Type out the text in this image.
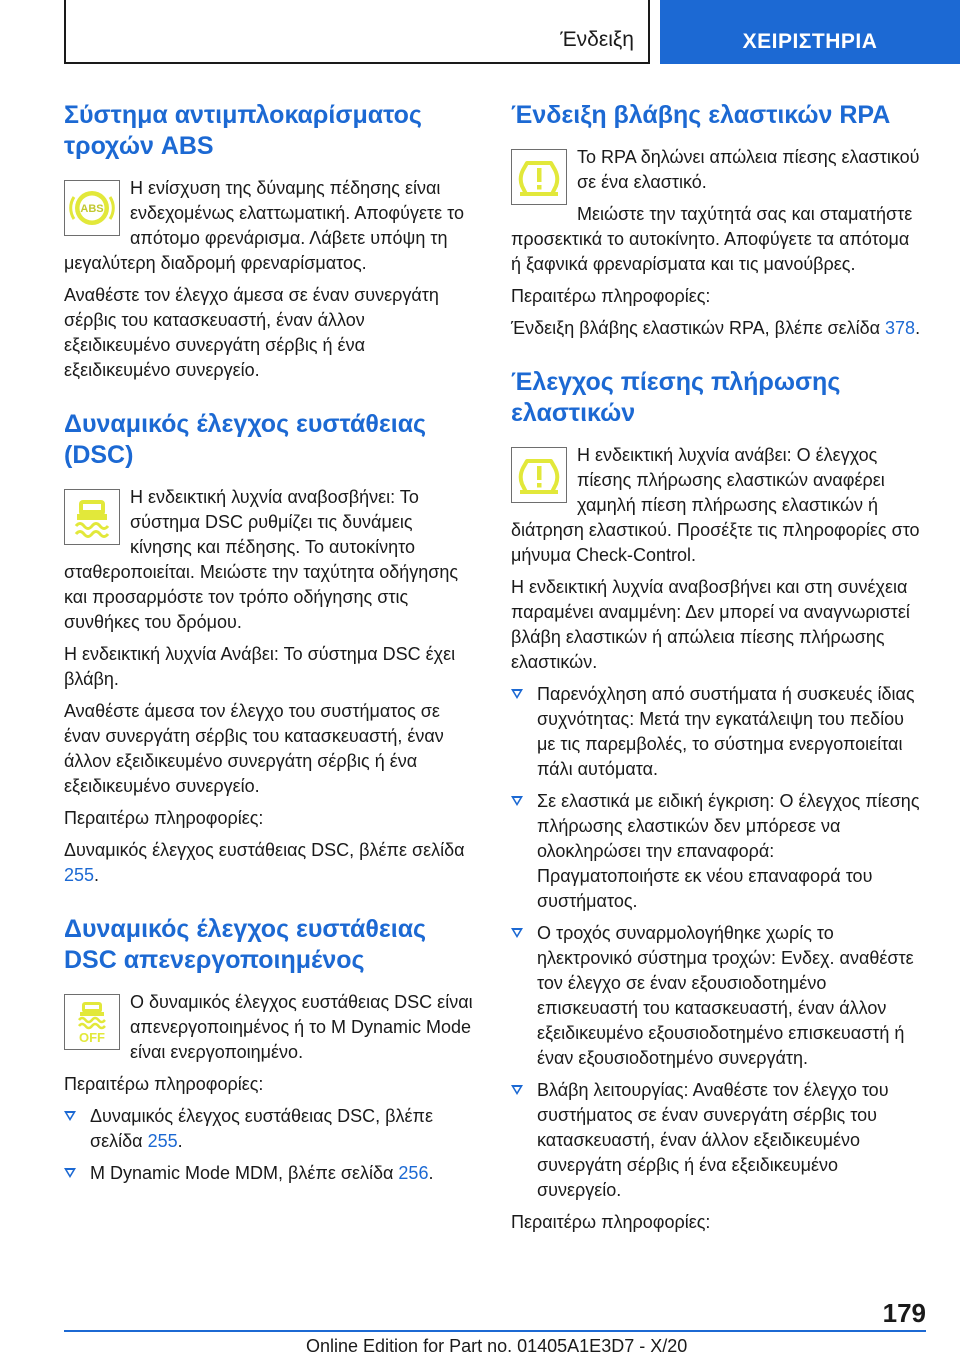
Ένδειξη	ΧΕΙΡΙΣΤΗΡΙΑ
Σύστημα αντιμπλοκαρίσματος τροχών ABS
ABS

Η ενίσχυση της δύναμης πέδησης είναι ενδεχομένως ελαττωματική. Αποφύγετε το απότομο φρενάρισμα. Λάβετε υπόψη τη μεγαλύτερη διαδρομή φρεναρίσματος.

Αναθέστε τον έλεγχο άμεσα σε έναν συνεργάτη σέρβις του κατασκευαστή, έναν άλλον εξειδικευμένο συνεργάτη σέρβις ή ένα εξειδικευμένο συνεργείο.

Δυναμικός έλεγχος ευστάθειας (DSC)

Η ενδεικτική λυχνία αναβοσβήνει: Το σύστημα DSC ρυθμίζει τις δυνάμεις κίνησης και πέδησης. Το αυτοκίνητο σταθεροποιείται. Μειώστε την ταχύτητα οδήγησης και προσαρμόστε τον τρόπο οδήγησης στις συνθήκες του δρόμου.

Η ενδεικτική λυχνία Ανάβει: Το σύστημα DSC έχει βλάβη.

Αναθέστε άμεσα τον έλεγχο του συστήματος σε έναν συνεργάτη σέρβις του κατασκευαστή, έναν άλλον εξειδικευμένο συνεργάτη σέρβις ή ένα εξειδικευμένο συνεργείο.

Περαιτέρω πληροφορίες:

Δυναμικός έλεγχος ευστάθειας DSC, βλέπε σελίδα 255.

Δυναμικός έλεγχος ευστάθειας DSC απενεργοποιημένος
OFF

Ο δυναμικός έλεγχος ευστάθειας DSC είναι απενεργοποιημένος ή το M Dynamic Mode είναι ενεργοποιημένο.

Περαιτέρω πληροφορίες:

Δυναμικός έλεγχος ευστάθειας DSC, βλέπε σελίδα 255.
M Dynamic Mode MDM, βλέπε σελίδα 256.
Ένδειξη βλάβης ελαστικών RPA

Το RPA δηλώνει απώλεια πίεσης ελαστικού σε ένα ελαστικό.

Μειώστε την ταχύτητά σας και σταματήστε προσεκτικά το αυτοκίνητο. Αποφύγετε τα απότομα ή ξαφνικά φρεναρίσματα και τις μανούβρες.

Περαιτέρω πληροφορίες:

Ένδειξη βλάβης ελαστικών RPA, βλέπε σελίδα 378.

Έλεγχος πίεσης πλήρωσης ελαστικών

Η ενδεικτική λυχνία ανάβει: Ο έλεγχος πίεσης πλήρωσης ελαστικών αναφέρει χαμηλή πίεση πλήρωσης ελαστικών ή διάτρηση ελαστικού. Προσέξτε τις πληροφορίες στο μήνυμα Check-Control.

Η ενδεικτική λυχνία αναβοσβήνει και στη συνέχεια παραμένει αναμμένη: Δεν μπορεί να αναγνωριστεί βλάβη ελαστικών ή απώλεια πίεσης πλήρωσης ελαστικών.

Παρενόχληση από συστήματα ή συσκευές ίδιας συχνότητας: Μετά την εγκατάλειψη του πεδίου με τις παρεμβολές, το σύστημα ενεργοποιείται πάλι αυτόματα.
Σε ελαστικά με ειδική έγκριση: Ο έλεγχος πίεσης πλήρωσης ελαστικών δεν μπόρεσε να ολοκληρώσει την επαναφορά: Πραγματοποιήστε εκ νέου επαναφορά του συστήματος.
Ο τροχός συναρμολογήθηκε χωρίς το ηλεκτρονικό σύστημα τροχών: Ενδεχ. αναθέστε τον έλεγχο σε έναν εξουσιοδοτημένο επισκευαστή του κατασκευαστή, έναν άλλον εξειδικευμένο εξουσιοδοτημένο επισκευαστή ή έναν εξουσιοδοτημένο συνεργάτη.
Βλάβη λειτουργίας: Αναθέστε τον έλεγχο του συστήματος σε έναν συνεργάτη σέρβις του κατασκευαστή, έναν άλλον εξειδικευμένο συνεργάτη σέρβις ή ένα εξειδικευμένο συνεργείο.

Περαιτέρω πληροφορίες:

179
Online Edition for Part no. 01405A1E3D7 - X/20
